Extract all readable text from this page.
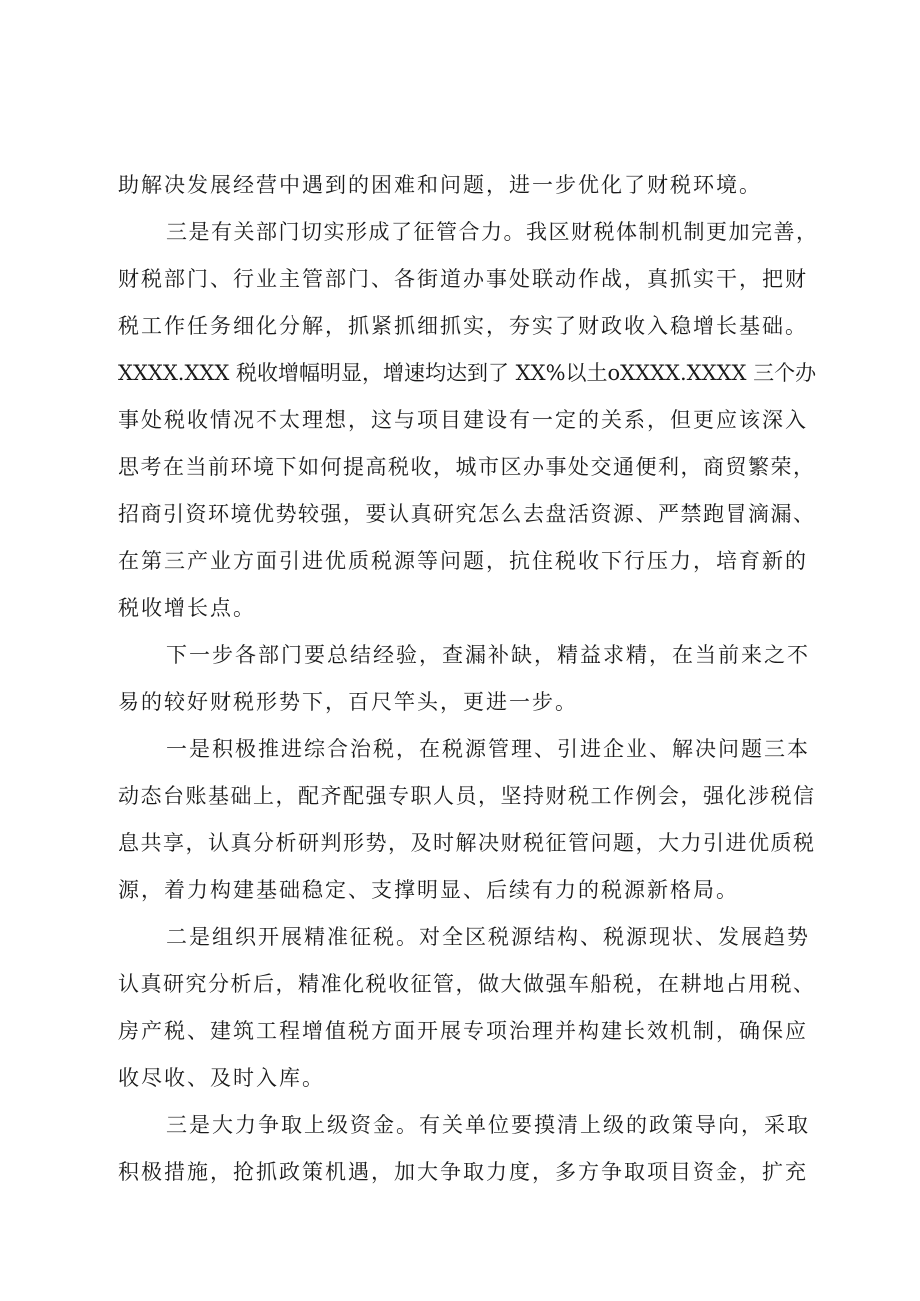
助解决发展经营中遇到的困难和问题，进一步优化了财税环境。
三是有关部门切实形成了征管合力。我区财税体制机制更加完善，
财税部门、行业主管部门、各街道办事处联动作战，真抓实干，把财
税工作任务细化分解，抓紧抓细抓实，夯实了财政收入稳增长基础。
XXXX.XXX 税收增幅明显，增速均达到了 XX%以土oXXXX.XXXX 三个办
事处税收情况不太理想，这与项目建设有一定的关系，但更应该深入
思考在当前环境下如何提高税收，城市区办事处交通便利，商贸繁荣，
招商引资环境优势较强，要认真研究怎么去盘活资源、严禁跑冒滴漏、
在第三产业方面引进优质税源等问题，抗住税收下行压力，培育新的
税收增长点。
下一步各部门要总结经验，查漏补缺，精益求精，在当前来之不
易的较好财税形势下，百尺竿头，更进一步。
一是积极推进综合治税，在税源管理、引进企业、解决问题三本
动态台账基础上，配齐配强专职人员，坚持财税工作例会，强化涉税信
息共享，认真分析研判形势，及时解决财税征管问题，大力引进优质税
源，着力构建基础稳定、支撑明显、后续有力的税源新格局。
二是组织开展精准征税。对全区税源结构、税源现状、发展趋势
认真研究分析后，精准化税收征管，做大做强车船税，在耕地占用税、
房产税、建筑工程增值税方面开展专项治理并构建长效机制，确保应
收尽收、及时入库。
三是大力争取上级资金。有关单位要摸清上级的政策导向，采取
积极措施，抢抓政策机遇，加大争取力度，多方争取项目资金，扩充
